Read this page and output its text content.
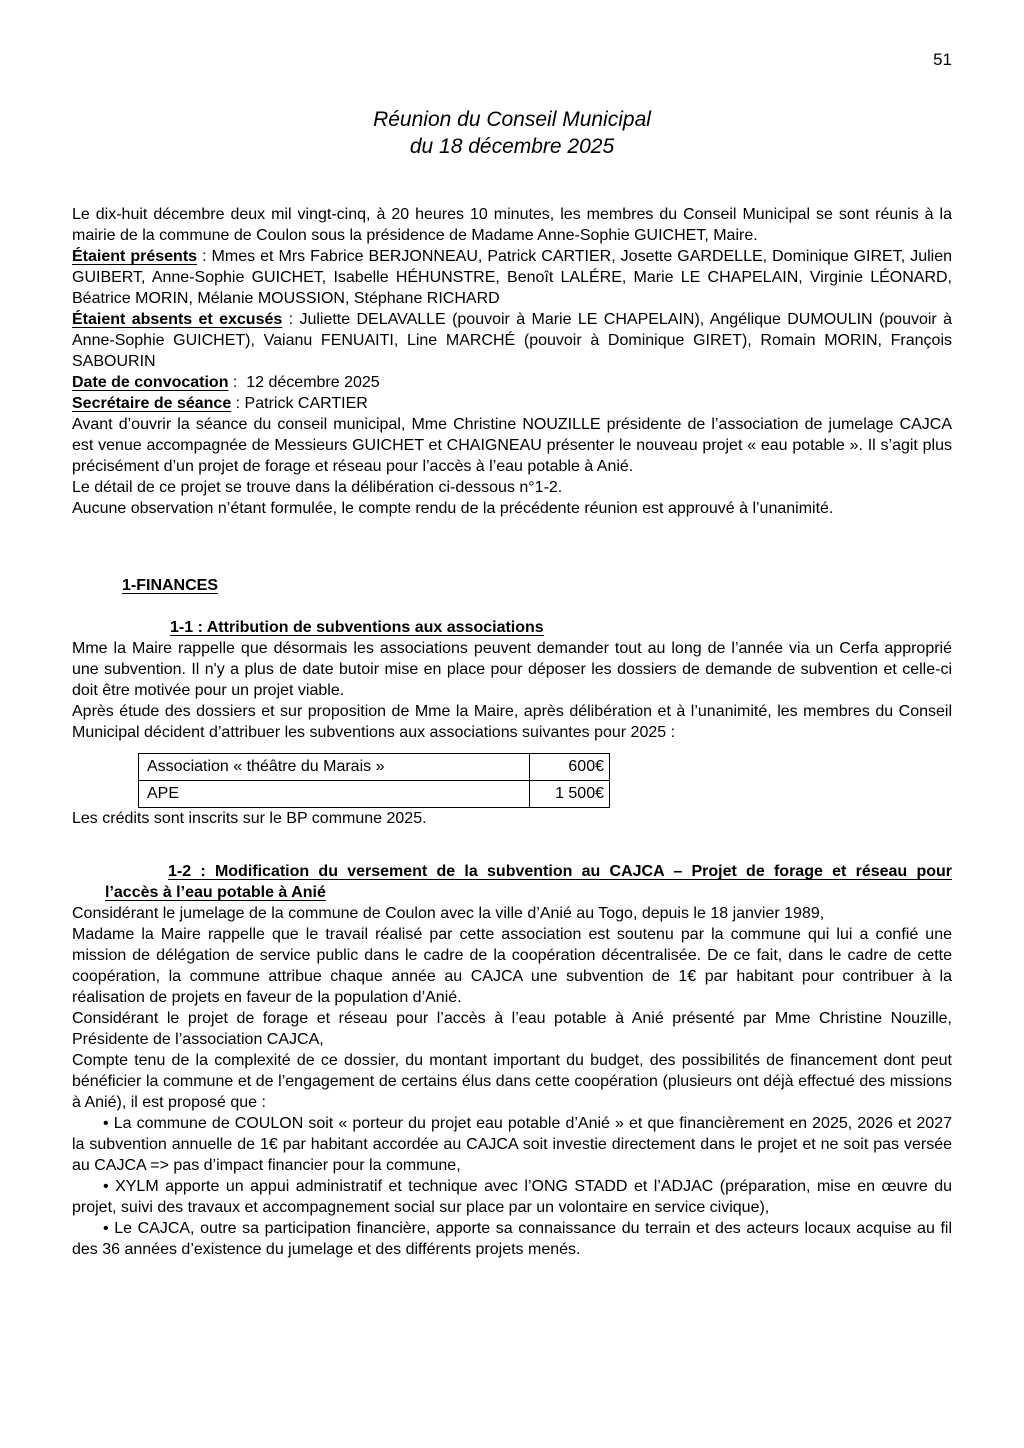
51
Réunion du Conseil Municipal
du 18 décembre 2025

Le dix-huit décembre deux mil vingt-cinq, à 20 heures 10 minutes, les membres du Conseil Municipal se sont réunis à la mairie de la commune de Coulon sous la présidence de Madame Anne-Sophie GUICHET, Maire.

Étaient présents : Mmes et Mrs Fabrice BERJONNEAU, Patrick CARTIER, Josette GARDELLE, Dominique GIRET, Julien GUIBERT, Anne-Sophie GUICHET, Isabelle HÉHUNSTRE, Benoît LALÉRE, Marie LE CHAPELAIN, Virginie LÉONARD, Béatrice MORIN, Mélanie MOUSSION, Stéphane RICHARD

Étaient absents et excusés : Juliette DELAVALLE (pouvoir à Marie LE CHAPELAIN), Angélique DUMOULIN (pouvoir à Anne-Sophie GUICHET), Vaianu FENUAITI, Line MARCHÉ (pouvoir à Dominique GIRET), Romain MORIN, François SABOURIN

Date de convocation :  12 décembre 2025

Secrétaire de séance : Patrick CARTIER

Avant d’ouvrir la séance du conseil municipal, Mme Christine NOUZILLE présidente de l’association de jumelage CAJCA est venue accompagnée de Messieurs GUICHET et CHAIGNEAU présenter le nouveau projet « eau potable ». Il s’agit plus précisément d’un projet de forage et réseau pour l’accès à l’eau potable à Anié.

Le détail de ce projet se trouve dans la délibération ci-dessous n°1-2.

Aucune observation n’étant formulée, le compte rendu de la précédente réunion est approuvé à l’unanimité.

1-FINANCES
1-1 : Attribution de subventions aux associations

Mme la Maire rappelle que désormais les associations peuvent demander tout au long de l’année via un Cerfa approprié une subvention. Il n'y a plus de date butoir mise en place pour déposer les dossiers de demande de subvention et celle-ci doit être motivée pour un projet viable.

Après étude des dossiers et sur proposition de Mme la Maire, après délibération et à l’unanimité, les membres du Conseil Municipal décident d’attribuer les subventions aux associations suivantes pour 2025 :

Association « théâtre du Marais »	600€
APE	1 500€

Les crédits sont inscrits sur le BP commune 2025.

1-2 : Modification du versement de la subvention au CAJCA – Projet de forage et réseau pour
l’accès à l’eau potable à Anié

Considérant le jumelage de la commune de Coulon avec la ville d’Anié au Togo, depuis le 18 janvier 1989,

Madame la Maire rappelle que le travail réalisé par cette association est soutenu par la commune qui lui a confié une mission de délégation de service public dans le cadre de la coopération décentralisée. De ce fait, dans le cadre de cette coopération, la commune attribue chaque année au CAJCA une subvention de 1€ par habitant pour contribuer à la réalisation de projets en faveur de la population d’Anié.

Considérant le projet de forage et réseau pour l’accès à l’eau potable à Anié présenté par Mme Christine Nouzille, Présidente de l’association CAJCA,

Compte tenu de la complexité de ce dossier, du montant important du budget, des possibilités de financement dont peut bénéficier la commune et de l’engagement de certains élus dans cette coopération (plusieurs ont déjà effectué des missions à Anié), il est proposé que :

• La commune de COULON soit « porteur du projet eau potable d’Anié » et que financièrement en 2025, 2026 et 2027 la subvention annuelle de 1€ par habitant accordée au CAJCA soit investie directement dans le projet et ne soit pas versée au CAJCA => pas d’impact financier pour la commune,

• XYLM apporte un appui administratif et technique avec l’ONG STADD et l’ADJAC (préparation, mise en œuvre du projet, suivi des travaux et accompagnement social sur place par un volontaire en service civique),

• Le CAJCA, outre sa participation financière, apporte sa connaissance du terrain et des acteurs locaux acquise au fil des 36 années d’existence du jumelage et des différents projets menés.
